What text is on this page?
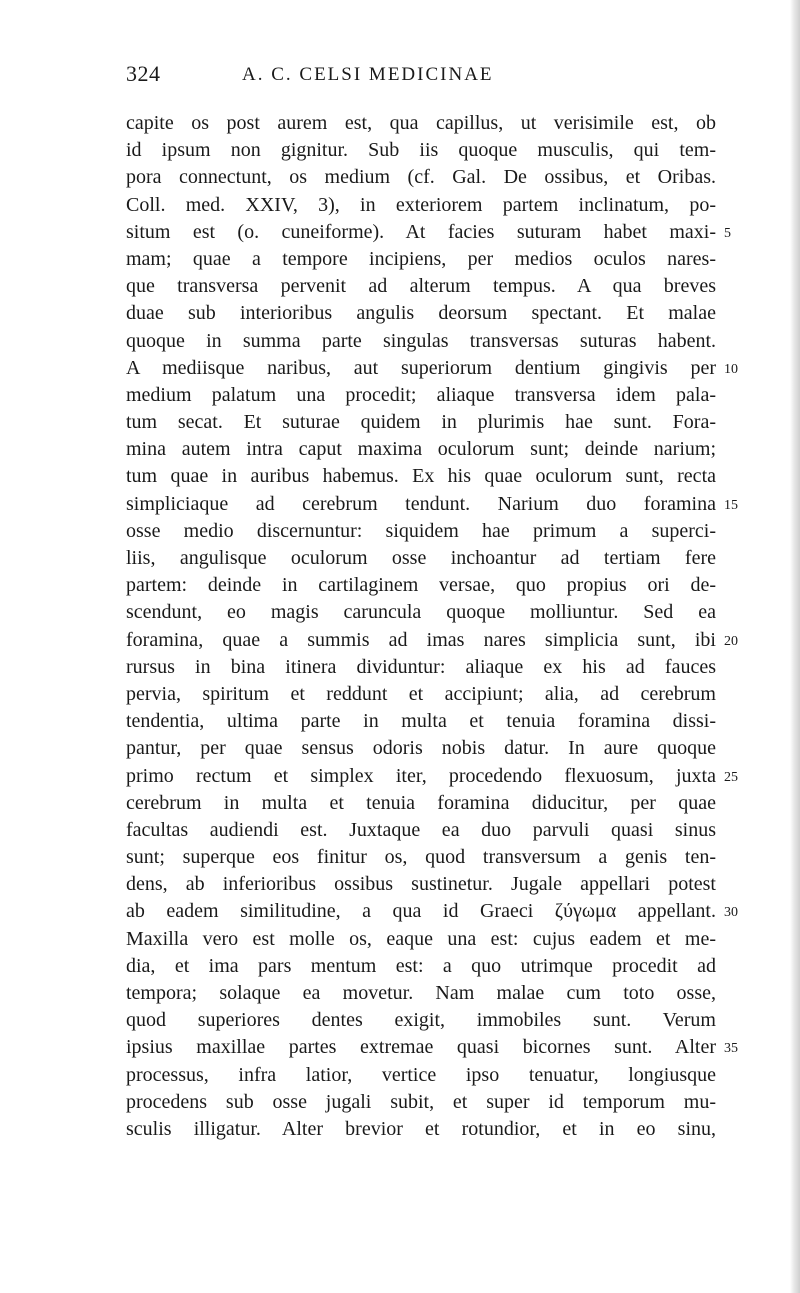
324	A. C. CELSI MEDICINAE
capite os post aurem est, qua capillus, ut verisimile est, ob
id ipsum non gignitur. Sub iis quoque musculis, qui tem-
pora connectunt, os medium (cf. Gal. De ossibus, et Oribas.
Coll. med. XXIV, 3), in exteriorem partem inclinatum, po-
situm est (o. cuneiforme). At facies suturam habet maxi- 5
mam; quae a tempore incipiens, per medios oculos nares-
que transversa pervenit ad alterum tempus. A qua breves
duae sub interioribus angulis deorsum spectant. Et malae
quoque in summa parte singulas transversas suturas habent.
A mediisque naribus, aut superiorum dentium gingivis per 10
medium palatum una procedit; aliaque transversa idem pala-
tum secat. Et suturae quidem in plurimis hae sunt. Fora-
mina autem intra caput maxima oculorum sunt; deinde narium;
tum quae in auribus habemus. Ex his quae oculorum sunt, recta
simpliciaque ad cerebrum tendunt. Narium duo foramina 15
osse medio discernuntur: siquidem hae primum a superci-
liis, angulisque oculorum osse inchoantur ad tertiam fere
partem: deinde in cartilaginem versae, quo propius ori de-
scendunt, eo magis caruncula quoque molliuntur. Sed ea
foramina, quae a summis ad imas nares simplicia sunt, ibi 20
rursus in bina itinera dividuntur: aliaque ex his ad fauces
pervia, spiritum et reddunt et accipiunt; alia, ad cerebrum
tendentia, ultima parte in multa et tenuia foramina dissi-
pantur, per quae sensus odoris nobis datur. In aure quoque
primo rectum et simplex iter, procedendo flexuosum, juxta 25
cerebrum in multa et tenuia foramina diducitur, per quae
facultas audiendi est. Juxtaque ea duo parvuli quasi sinus
sunt; superque eos finitur os, quod transversum a genis ten-
dens, ab inferioribus ossibus sustinetur. Jugale appellari potest
ab eadem similitudine, a qua id Graeci ζύγωμα appellant. 30
Maxilla vero est molle os, eaque una est: cujus eadem et me-
dia, et ima pars mentum est: a quo utrimque procedit ad
tempora; solaque ea movetur. Nam malae cum toto osse,
quod superiores dentes exigit, immobiles sunt. Verum
ipsius maxillae partes extremae quasi bicornes sunt. Alter 35
processus, infra latior, vertice ipso tenuatur, longiusque
procedens sub osse jugali subit, et super id temporum mu-
sculis illigatur. Alter brevior et rotundior, et in eo sinu,
